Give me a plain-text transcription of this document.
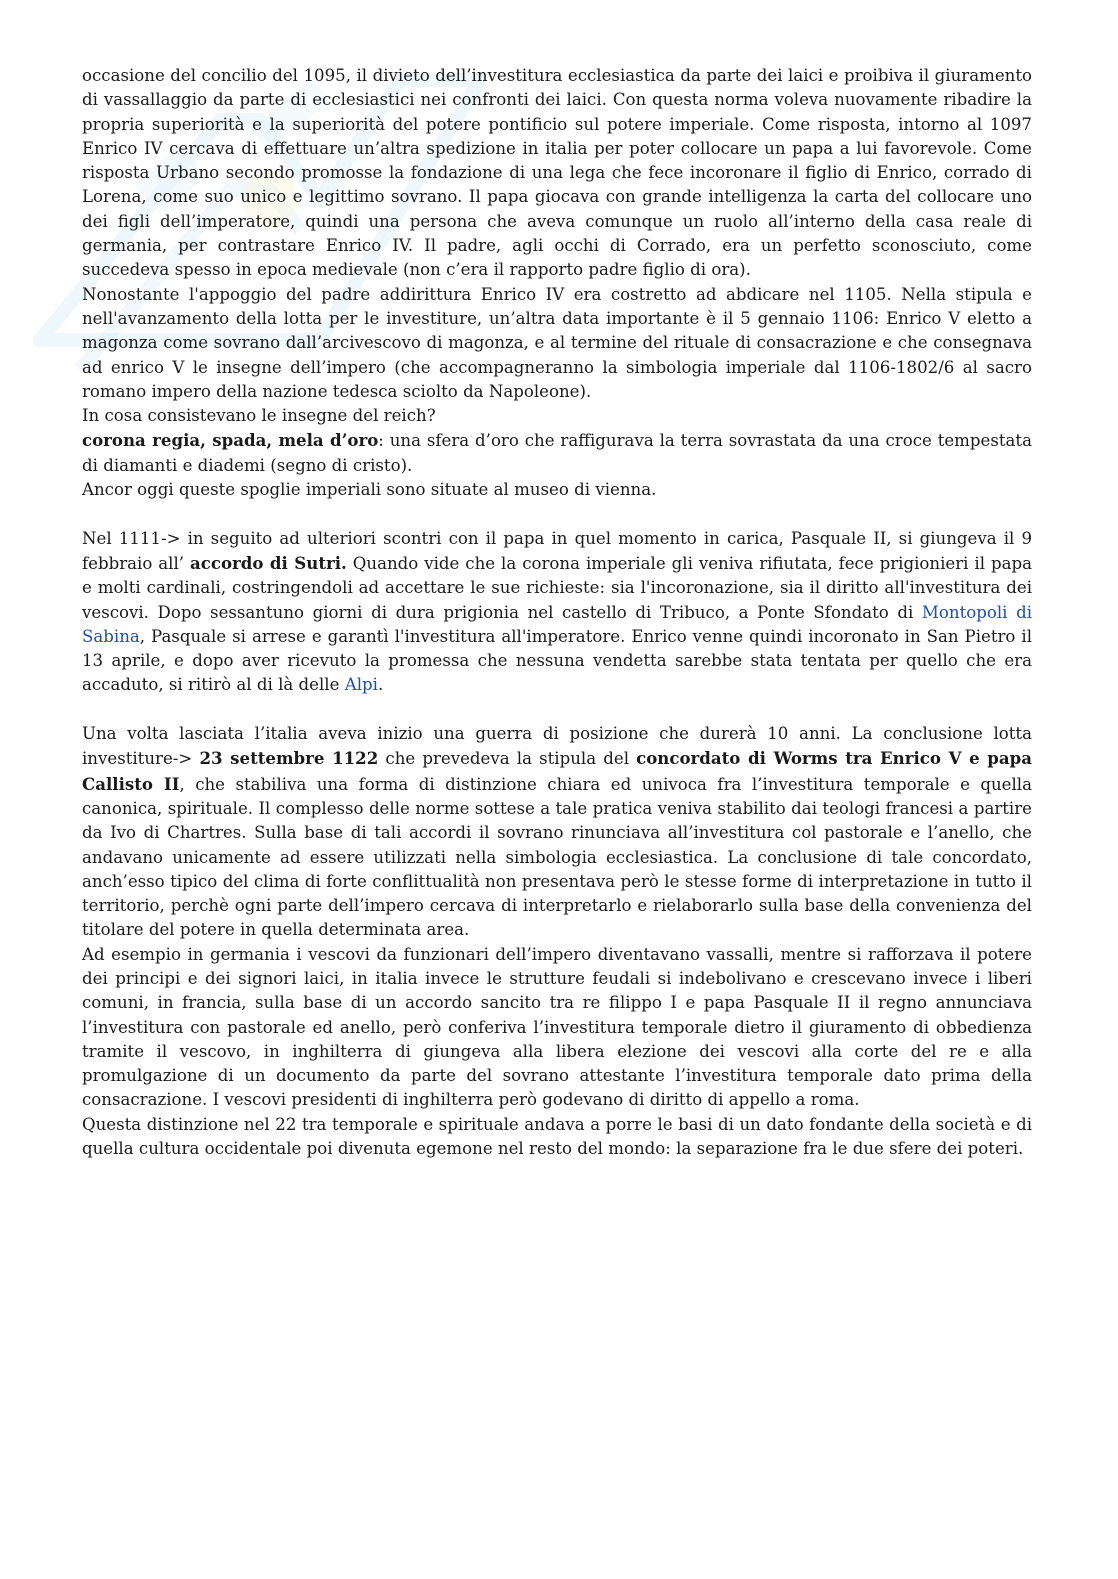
occasione del concilio del 1095, il divieto dell’investitura ecclesiastica da parte dei laici e proibiva il giuramento di vassallaggio da parte di ecclesiastici nei confronti dei laici. Con questa norma voleva nuovamente ribadire la propria superiorità e la superiorità del potere pontificio sul potere imperiale. Come risposta, intorno al 1097 Enrico IV cercava di effettuare un’altra spedizione in italia per poter collocare un papa a lui favorevole. Come risposta Urbano secondo promosse la fondazione di una lega che fece incoronare il figlio di Enrico, corrado di Lorena, come suo unico e legittimo sovrano. Il papa giocava con grande intelligenza la carta del collocare uno dei figli dell’imperatore, quindi una persona che aveva comunque un ruolo all’interno della casa reale di germania, per contrastare Enrico IV. Il padre, agli occhi di Corrado, era un perfetto sconosciuto, come succedeva spesso in epoca medievale (non c’era il rapporto padre figlio di ora).

Nonostante l'appoggio del padre addirittura Enrico IV era costretto ad abdicare nel 1105. Nella stipula e nell'avanzamento della lotta per le investiture, un’altra data importante è il 5 gennaio 1106: Enrico V eletto a magonza come sovrano dall’arcivescovo di magonza, e al termine del rituale di consacrazione e che consegnava ad enrico V le insegne dell’impero (che accompagneranno la simbologia imperiale dal 1106-1802/6 al sacro romano impero della nazione tedesca sciolto da Napoleone).

In cosa consistevano le insegne del reich?

corona regia, spada, mela d’oro: una sfera d’oro che raffigurava la terra sovrastata da una croce tempestata di diamanti e diademi (segno di cristo).

Ancor oggi queste spoglie imperiali sono situate al museo di vienna.

Nel 1111-> in seguito ad ulteriori scontri con il papa in quel momento in carica, Pasquale II, si giungeva il 9 febbraio all’ accordo di Sutri. Quando vide che la corona imperiale gli veniva rifiutata, fece prigionieri il papa e molti cardinali, costringendoli ad accettare le sue richieste: sia l'incoronazione, sia il diritto all'investitura dei vescovi. Dopo sessantuno giorni di dura prigionia nel castello di Tribuco, a Ponte Sfondato di Montopoli di Sabina, Pasquale si arrese e garantì l'investitura all'imperatore. Enrico venne quindi incoronato in San Pietro il 13 aprile, e dopo aver ricevuto la promessa che nessuna vendetta sarebbe stata tentata per quello che era accaduto, si ritirò al di là delle Alpi.

Una volta lasciata l’italia aveva inizio una guerra di posizione che durerà 10 anni. La conclusione lotta investiture-> 23 settembre 1122 che prevedeva la stipula del concordato di Worms tra Enrico V e papa Callisto II, che stabiliva una forma di distinzione chiara ed univoca fra l’investitura temporale e quella canonica, spirituale. Il complesso delle norme sottese a tale pratica veniva stabilito dai teologi francesi a partire da Ivo di Chartres. Sulla base di tali accordi il sovrano rinunciava all’investitura col pastorale e l’anello, che andavano unicamente ad essere utilizzati nella simbologia ecclesiastica. La conclusione di tale concordato, anch’esso tipico del clima di forte conflittualità non presentava però le stesse forme di interpretazione in tutto il territorio, perchè ogni parte dell’impero cercava di interpretarlo e rielaborarlo sulla base della convenienza del titolare del potere in quella determinata area.

Ad esempio in germania i vescovi da funzionari dell’impero diventavano vassalli, mentre si rafforzava il potere dei principi e dei signori laici, in italia invece le strutture feudali si indebolivano e crescevano invece i liberi comuni, in francia, sulla base di un accordo sancito tra re filippo I e papa Pasquale II il regno annunciava l’investitura con pastorale ed anello, però conferiva l’investitura temporale dietro il giuramento di obbedienza tramite il vescovo, in inghilterra di giungeva alla libera elezione dei vescovi alla corte del re e alla promulgazione di un documento da parte del sovrano attestante l’investitura temporale dato prima della consacrazione. I vescovi presidenti di inghilterra però godevano di diritto di appello a roma.

Questa distinzione nel 22 tra temporale e spirituale andava a porre le basi di un dato fondante della società e di quella cultura occidentale poi divenuta egemone nel resto del mondo: la separazione fra le due sfere dei poteri.
